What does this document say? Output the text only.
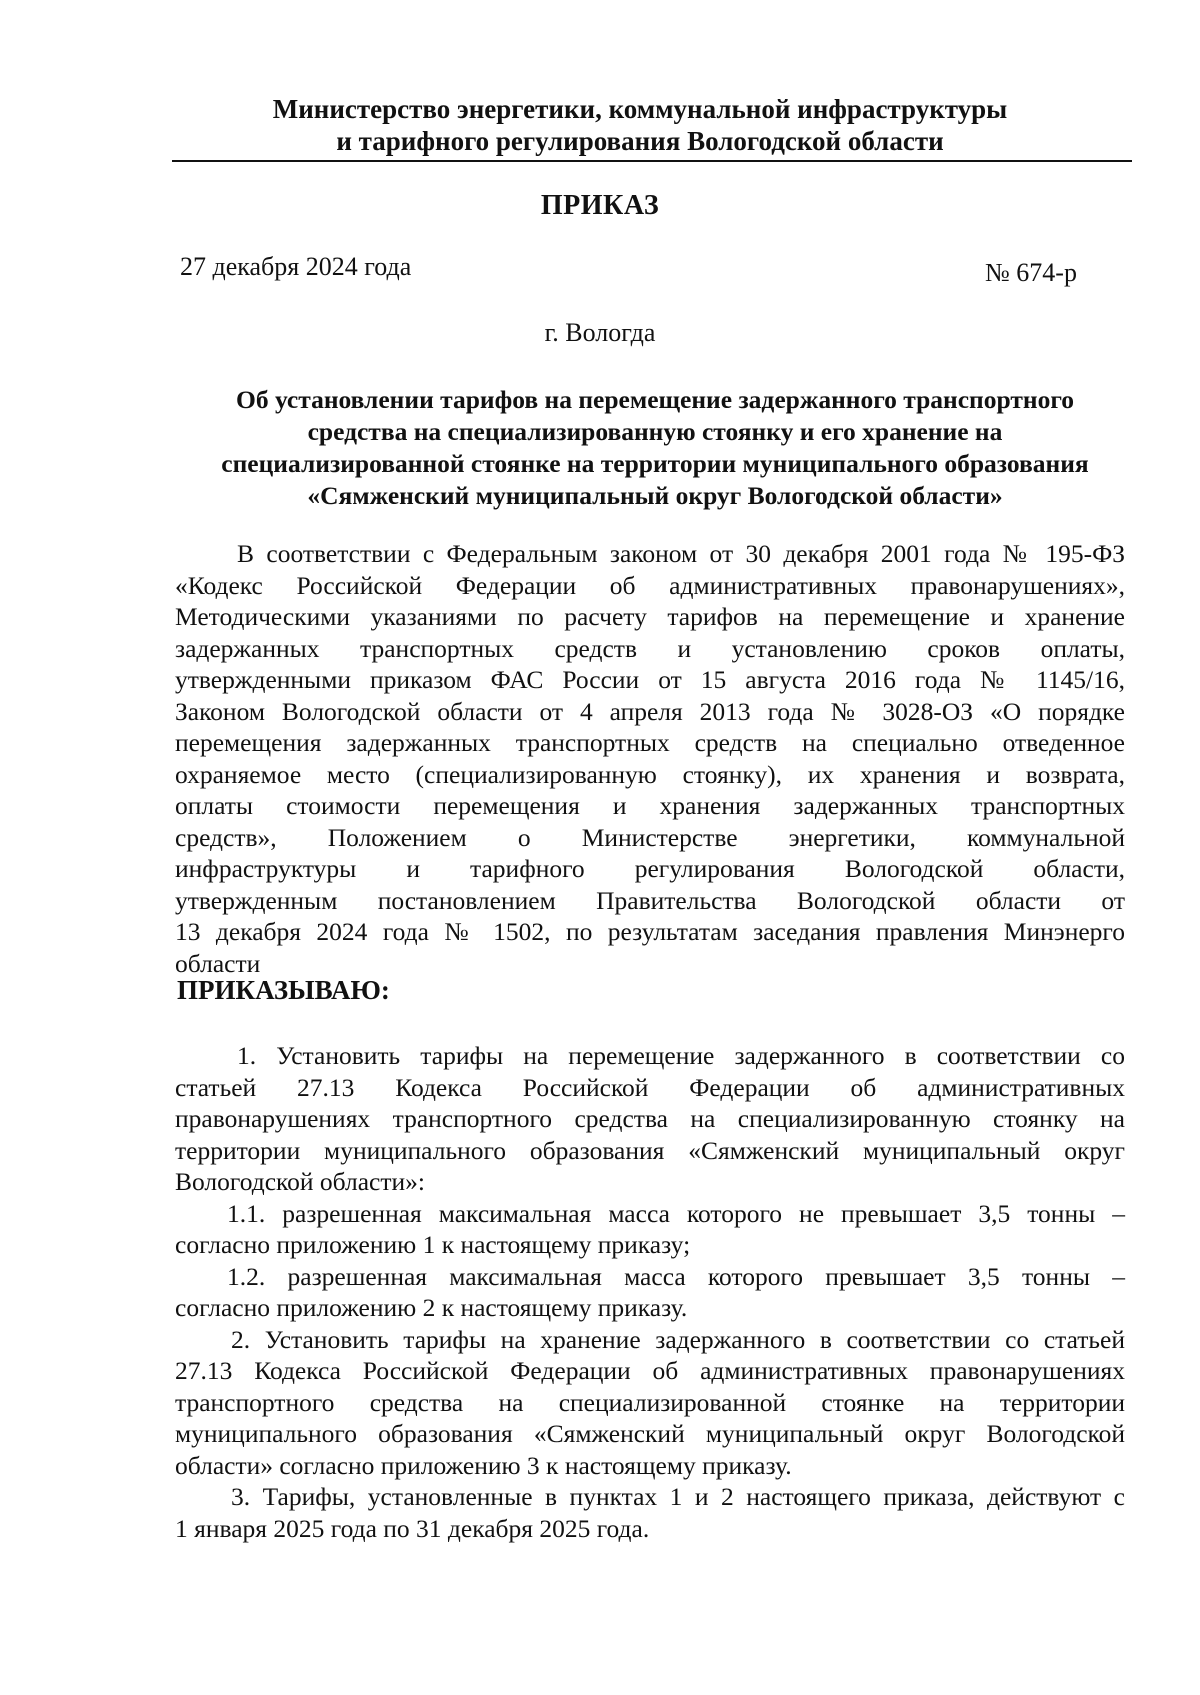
Министерство энергетики, коммунальной инфраструктуры
и тарифного регулирования Вологодской области
ПРИКАЗ
27 декабря 2024 года	№ 674-р
г. Вологда
Об установлении тарифов на перемещение задержанного транспортного
средства на специализированную стоянку и его хранение на
специализированной стоянке на территории муниципального образования
«Сямженский муниципальный округ Вологодской области»
В соответствии с Федеральным законом от 30 декабря 2001 года № 195-ФЗ
«Кодекс Российской Федерации об административных правонарушениях»,
Методическими указаниями по расчету тарифов на перемещение и хранение
задержанных транспортных средств и установлению сроков оплаты,
утвержденными приказом ФАС России от 15 августа 2016 года № 1145/16,
Законом Вологодской области от 4 апреля 2013 года № 3028-ОЗ «О порядке
перемещения задержанных транспортных средств на специально отведенное
охраняемое место (специализированную стоянку), их хранения и возврата,
оплаты стоимости перемещения и хранения задержанных транспортных
средств», Положением о Министерстве энергетики, коммунальной
инфраструктуры и тарифного регулирования Вологодской области,
утвержденным постановлением Правительства Вологодской области от
13 декабря 2024 года № 1502, по результатам заседания правления Минэнерго
области
ПРИКАЗЫВАЮ:
1. Установить тарифы на перемещение задержанного в соответствии со
статьей 27.13 Кодекса Российской Федерации об административных
правонарушениях транспортного средства на специализированную стоянку на
территории муниципального образования «Сямженский муниципальный округ
Вологодской области»:
1.1. разрешенная максимальная масса которого не превышает 3,5 тонны –
согласно приложению 1 к настоящему приказу;
1.2. разрешенная максимальная масса которого превышает 3,5 тонны –
согласно приложению 2 к настоящему приказу.
2. Установить тарифы на хранение задержанного в соответствии со статьей
27.13 Кодекса Российской Федерации об административных правонарушениях
транспортного средства на специализированной стоянке на территории
муниципального образования «Сямженский муниципальный округ Вологодской
области» согласно приложению 3 к настоящему приказу.
3. Тарифы, установленные в пунктах 1 и 2 настоящего приказа, действуют с
1 января 2025 года по 31 декабря 2025 года.
